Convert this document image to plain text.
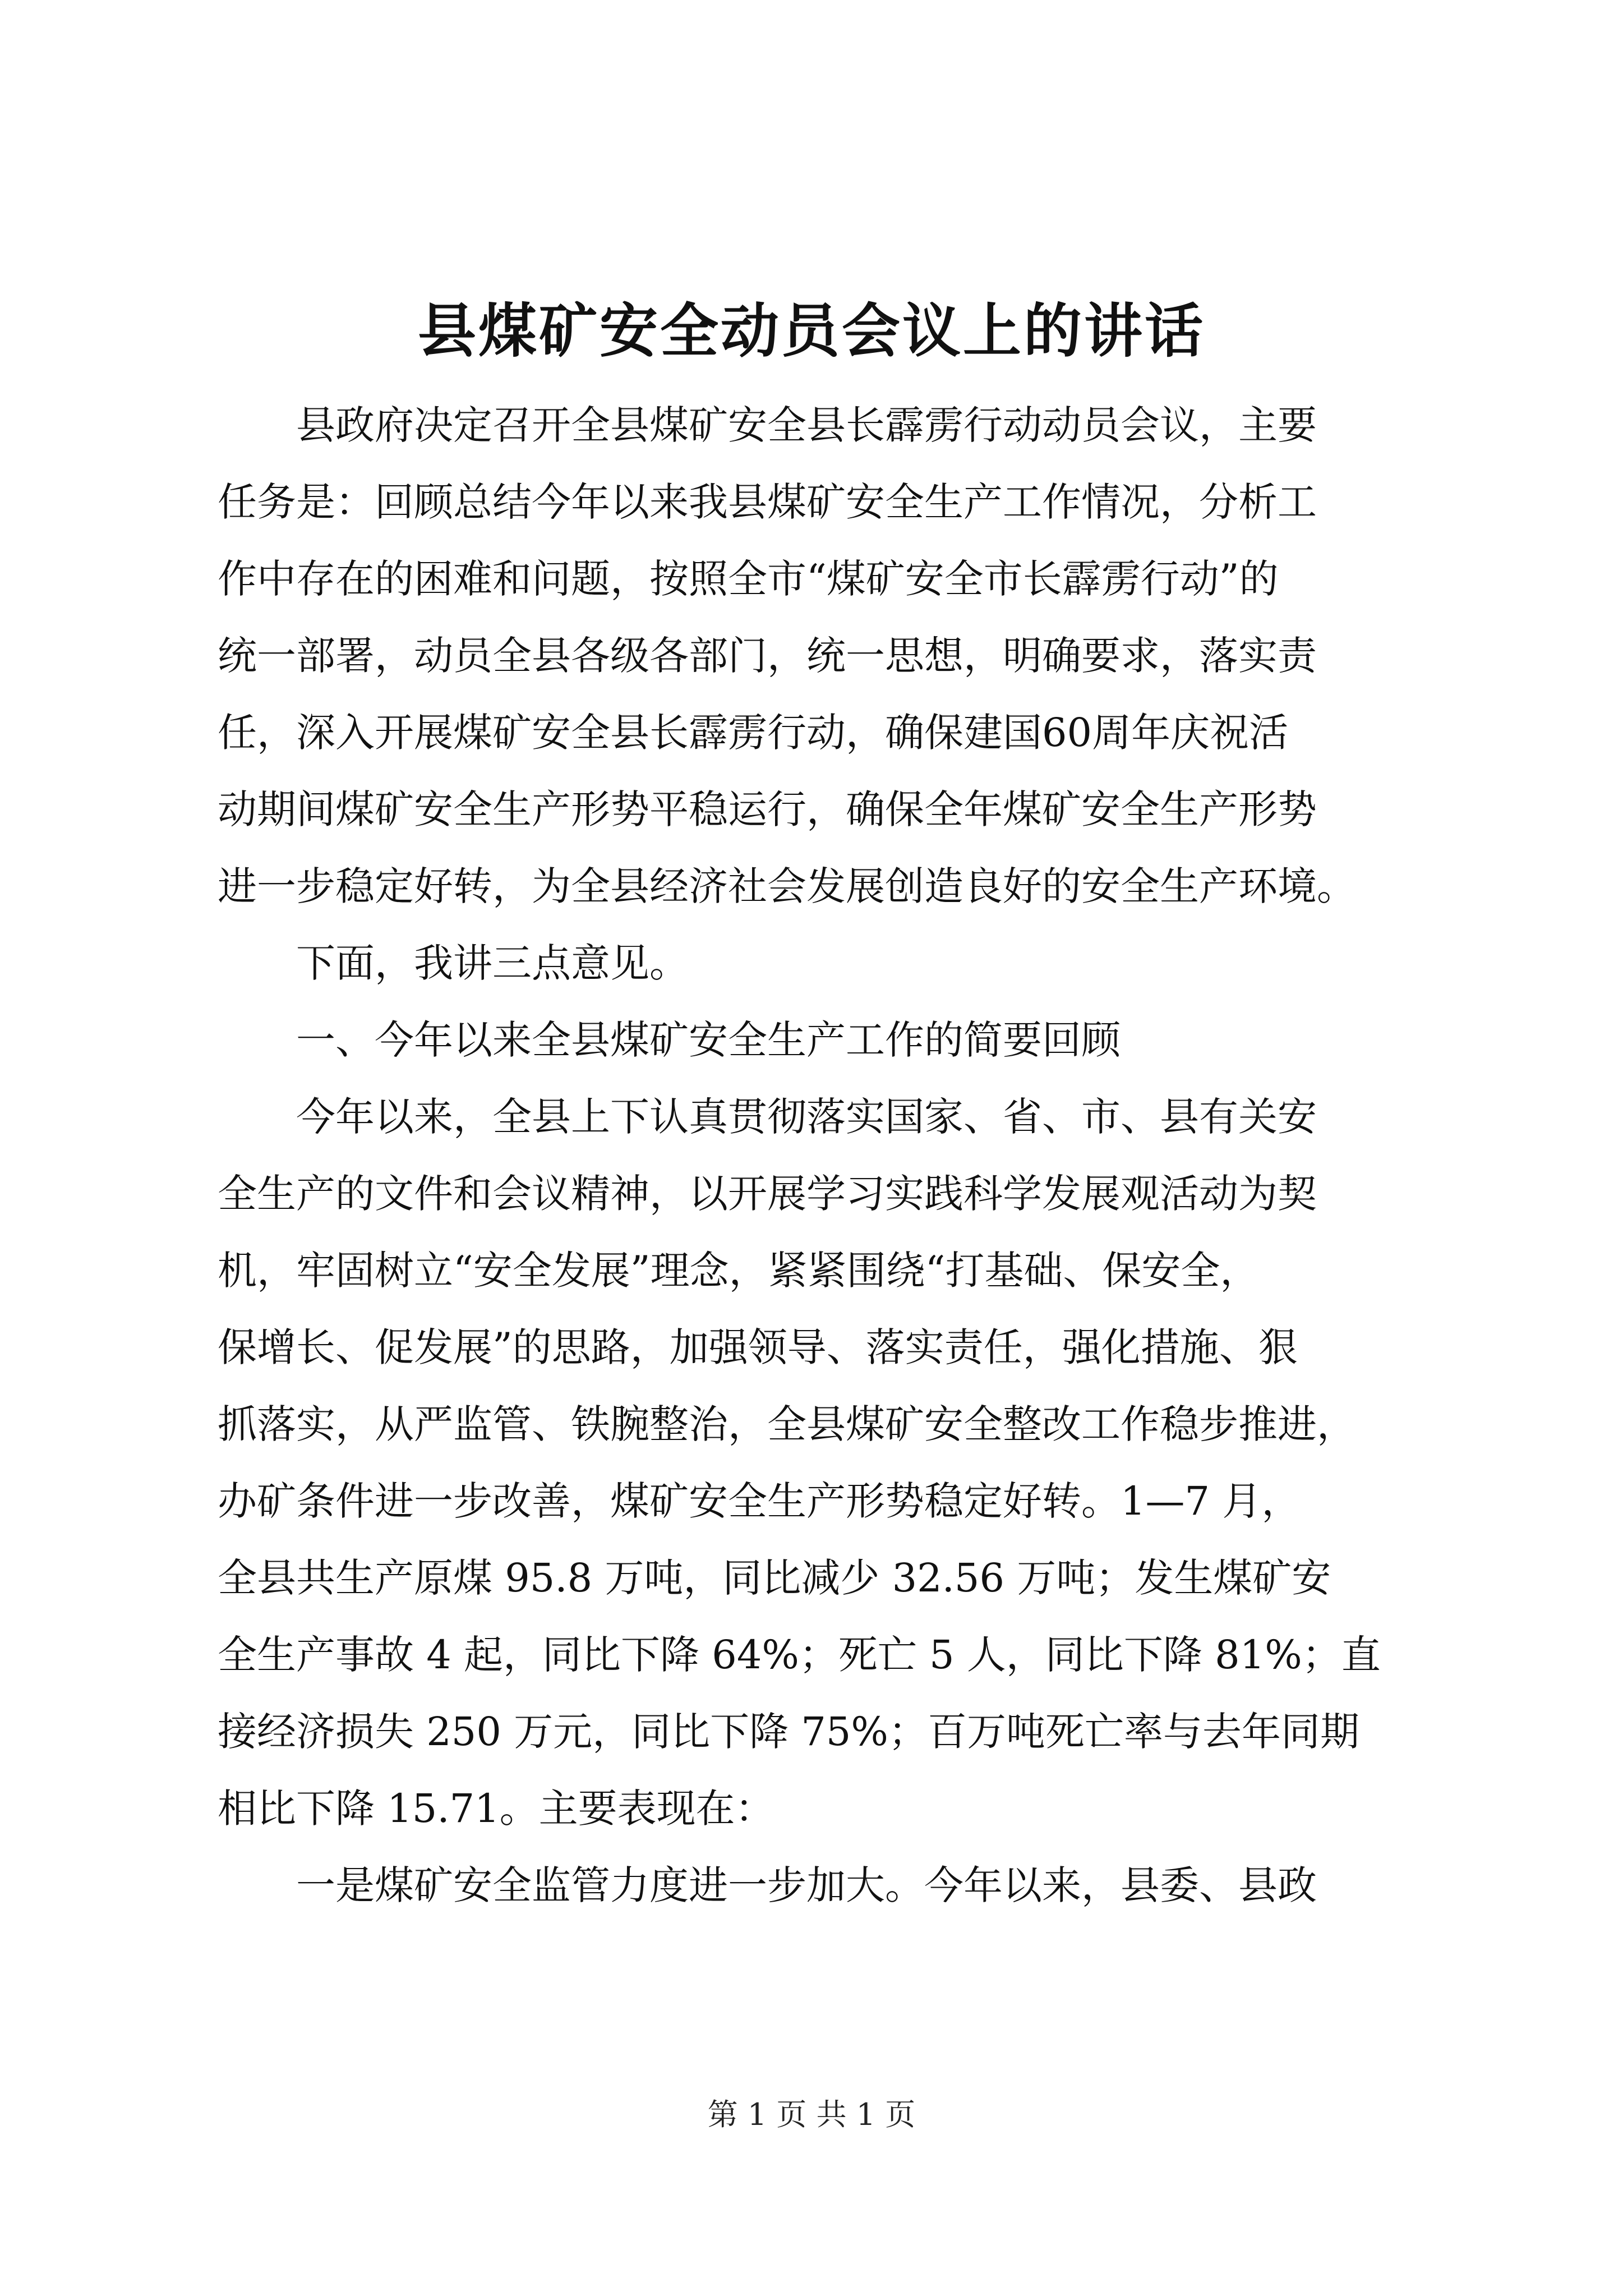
县煤矿安全动员会议上的讲话
县政府决定召开全县煤矿安全县长霹雳行动动员会议，主要
任务是：回顾总结今年以来我县煤矿安全生产工作情况，分析工
作中存在的困难和问题，按照全市“煤矿安全市长霹雳行动”的
统一部署，动员全县各级各部门，统一思想，明确要求，落实责
任，深入开展煤矿安全县长霹雳行动，确保建国60周年庆祝活
动期间煤矿安全生产形势平稳运行，确保全年煤矿安全生产形势
进一步稳定好转，为全县经济社会发展创造良好的安全生产环境。
下面，我讲三点意见。
一、今年以来全县煤矿安全生产工作的简要回顾
今年以来，全县上下认真贯彻落实国家、省、市、县有关安
全生产的文件和会议精神，以开展学习实践科学发展观活动为契
机，牢固树立“安全发展”理念，紧紧围绕“打基础、保安全，
保增长、促发展”的思路，加强领导、落实责任，强化措施、狠
抓落实，从严监管、铁腕整治，全县煤矿安全整改工作稳步推进，
办矿条件进一步改善，煤矿安全生产形势稳定好转。1—7 月，
全县共生产原煤 95.8 万吨，同比减少 32.56 万吨；发生煤矿安
全生产事故 4 起，同比下降 64%；死亡 5 人，同比下降 81%；直
接经济损失 250 万元，同比下降 75%；百万吨死亡率与去年同期
相比下降 15.71。主要表现在：
一是煤矿安全监管力度进一步加大。今年以来，县委、县政
第 1 页 共 1 页
